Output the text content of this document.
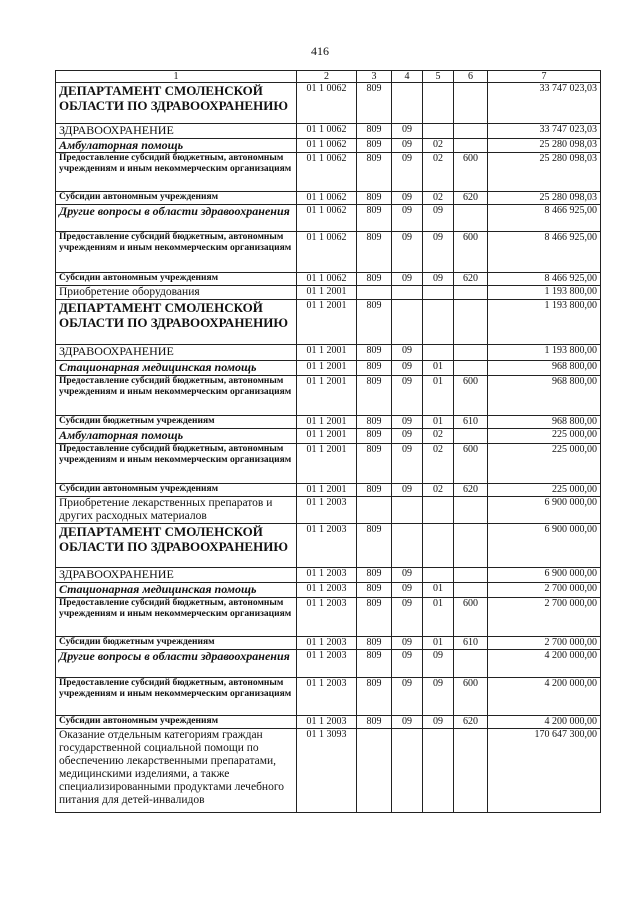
416
1	2	3	4	5	6	7
ДЕПАРТАМЕНТ СМОЛЕНСКОЙ ОБЛАСТИ ПО ЗДРАВООХРАНЕНИЮ	01 1 0062	809				33 747 023,03
ЗДРАВООХРАНЕНИЕ	01 1 0062	809	09			33 747 023,03
Амбулаторная помощь	01 1 0062	809	09	02		25 280 098,03
Предоставление субсидий бюджетным, автономным учреждениям и иным некоммерческим организациям	01 1 0062	809	09	02	600	25 280 098,03
Субсидии автономным учреждениям	01 1 0062	809	09	02	620	25 280 098,03
Другие вопросы в области здравоохранения	01 1 0062	809	09	09		8 466 925,00
Предоставление субсидий бюджетным, автономным учреждениям и иным некоммерческим организациям	01 1 0062	809	09	09	600	8 466 925,00
Субсидии автономным учреждениям	01 1 0062	809	09	09	620	8 466 925,00
Приобретение оборудования	01 1 2001					1 193 800,00
ДЕПАРТАМЕНТ СМОЛЕНСКОЙ ОБЛАСТИ ПО ЗДРАВООХРАНЕНИЮ	01 1 2001	809				1 193 800,00
ЗДРАВООХРАНЕНИЕ	01 1 2001	809	09			1 193 800,00
Стационарная медицинская помощь	01 1 2001	809	09	01		968 800,00
Предоставление субсидий бюджетным, автономным учреждениям и иным некоммерческим организациям	01 1 2001	809	09	01	600	968 800,00
Субсидии бюджетным учреждениям	01 1 2001	809	09	01	610	968 800,00
Амбулаторная помощь	01 1 2001	809	09	02		225 000,00
Предоставление субсидий бюджетным, автономным учреждениям и иным некоммерческим организациям	01 1 2001	809	09	02	600	225 000,00
Субсидии автономным учреждениям	01 1 2001	809	09	02	620	225 000,00
Приобретение лекарственных препаратов и других расходных материалов	01 1 2003					6 900 000,00
ДЕПАРТАМЕНТ СМОЛЕНСКОЙ ОБЛАСТИ ПО ЗДРАВООХРАНЕНИЮ	01 1 2003	809				6 900 000,00
ЗДРАВООХРАНЕНИЕ	01 1 2003	809	09			6 900 000,00
Стационарная медицинская помощь	01 1 2003	809	09	01		2 700 000,00
Предоставление субсидий бюджетным, автономным учреждениям и иным некоммерческим организациям	01 1 2003	809	09	01	600	2 700 000,00
Субсидии бюджетным учреждениям	01 1 2003	809	09	01	610	2 700 000,00
Другие вопросы в области здравоохранения	01 1 2003	809	09	09		4 200 000,00
Предоставление субсидий бюджетным, автономным учреждениям и иным некоммерческим организациям	01 1 2003	809	09	09	600	4 200 000,00
Субсидии автономным учреждениям	01 1 2003	809	09	09	620	4 200 000,00
Оказание отдельным категориям граждан государственной социальной помощи по обеспечению лекарственными препаратами, медицинскими изделиями, а также специализированными продуктами лечебного питания для детей-инвалидов	01 1 3093					170 647 300,00
